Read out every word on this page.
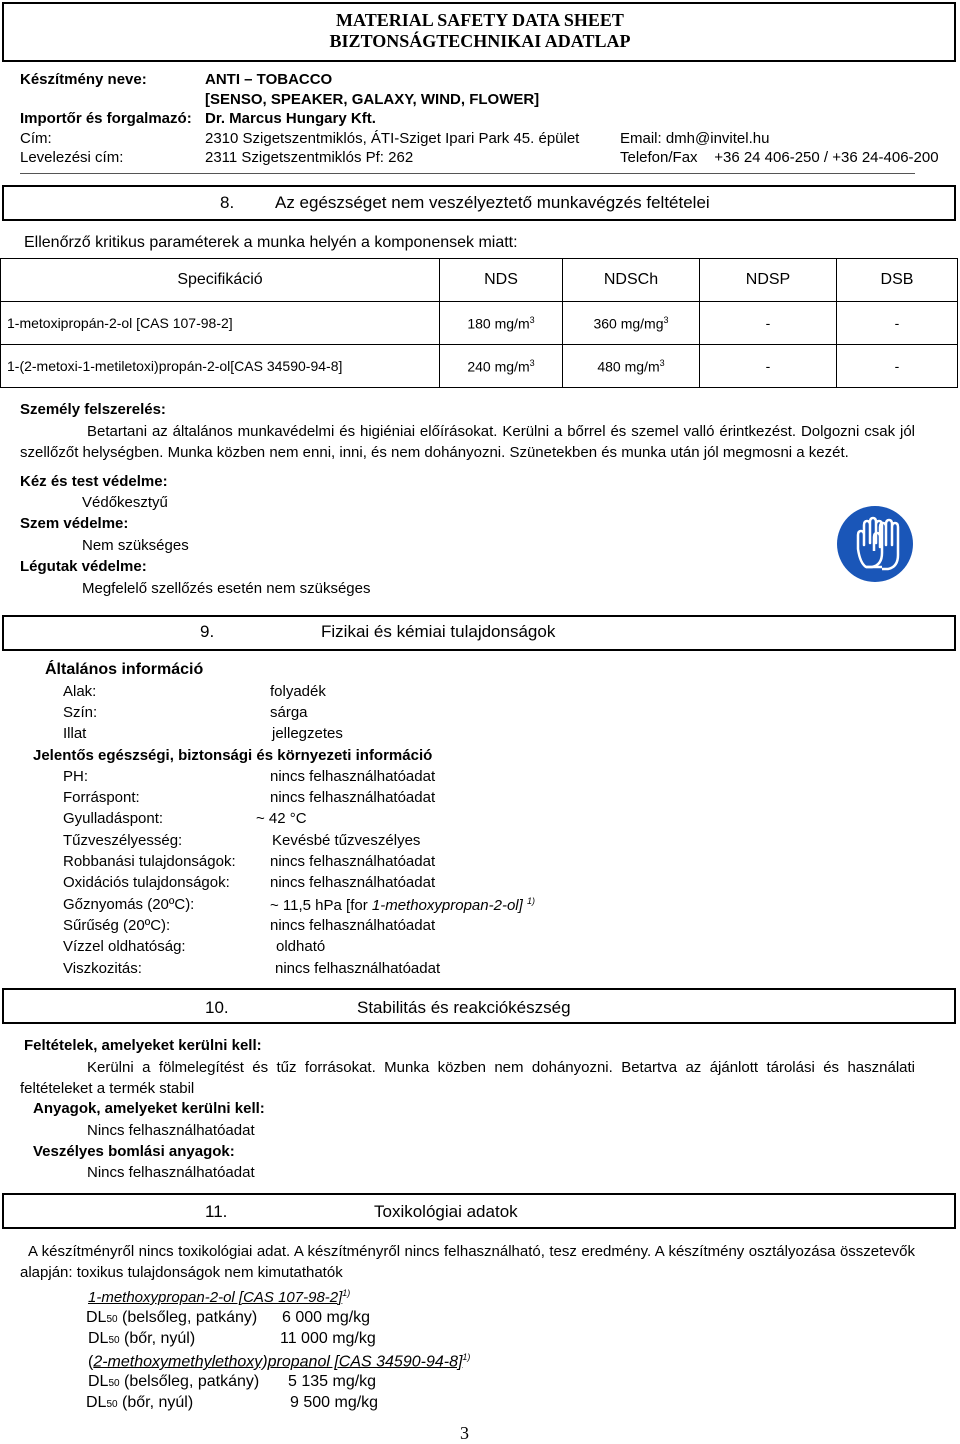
MATERIAL SAFETY DATA SHEET
BIZTONSÁGTECHNIKAI ADATLAP
Készítmény neve:	ANTI – TOBACCO
[SENSO, SPEAKER, GALAXY, WIND, FLOWER]
Importőr és forgalmazó: Dr. Marcus Hungary Kft.
Cím:	2310 Szigetszentmiklós, ÁTI-Sziget Ipari Park 45. épület	Email: dmh@invitel.hu
Levelezési cím:	2311 Szigetszentmiklós Pf: 262	Telefon/Fax    +36 24 406-250 / +36 24-406-200
8. Az egészséget nem veszélyeztető munkavégzés feltételei
Ellenőrző kritikus paraméterek a munka helyén a komponensek miatt:
Specifikáció	NDS	NDSCh	NDSP	DSB
1-metoxipropán-2-ol [CAS 107-98-2]	180 $mg/m^3$	360 $mg/mg^3$	-	-
1-(2-metoxi-1-metiletoxi)propán-2-ol[CAS 34590-94-8]	240 $mg/m^3$	480 $mg/m^3$	-	-
Személy felszerelés:
Betartani az általános munkavédelmi és higiéniai előírásokat. Kerülni a bőrrel és szemel valló érintkezést. Dolgozni csak jól szellőzőt helységben. Munka közben nem enni, inni, és nem dohányozni. Szünetekben és munka után jól megmosni a kezét.
Kéz és test védelme:
Védőkesztyű
Szem védelme:
Nem szükséges
Légutak védelme:
Megfelelő szellőzés esetén nem szükséges
9.	Fizikai és kémiai tulajdonságok
Általános információ
Alak:	folyadék
Szín:	sárga
Illat	jellegzetes
Jelentős egészségi, biztonsági és környezeti információ
PH:	nincs felhasználhatóadat
Forráspont:	nincs felhasználhatóadat
Gyulladáspont:	~ 42 °C
Tűzveszélyesség:	Kevésbé tűzveszélyes
Robbanási tulajdonságok: nincs felhasználhatóadat
Oxidációs tulajdonságok:	nincs felhasználhatóadat
Gőznyomás (20ºC):	~ 11,5 hPa [for 1-methoxypropan-2-ol] $^{1)}$
Sűrűség (20ºC):	nincs felhasználhatóadat
Vízzel oldhatóság:	oldható
Viszkozitás:	nincs felhasználhatóadat
10.	Stabilitás és reakciókészség
Feltételek, amelyeket kerülni kell:
Kerülni a fölmelegítést és tűz forrásokat. Munka közben nem dohányozni. Betartva az ájánlott tárolási és használati feltételeket a termék stabil
Anyagok, amelyeket kerülni kell:
Nincs felhasználhatóadat
Veszélyes bomlási anyagok:
Nincs felhasználhatóadat
11.	Toxikológiai adatok
A készítményről nincs toxikológiai adat. A készítményről nincs felhasználható, tesz eredmény. A készítmény osztályozása összetevők alapján: toxikus tulajdonságok nem kimutathatók
1-methoxypropan-2-ol [CAS 107-98-2]$^{1)}$
DL50 (belsőleg, patkány) 6 000 mg/kg
DL50 (bőr, nyúl)	11 000 mg/kg
(2-methoxymethylethoxy)propanol [CAS 34590-94-8]$^{1)}$
DL50 (belsőleg, patkány) 5 135 mg/kg
DL50 (bőr, nyúl)	9 500 mg/kg
3
